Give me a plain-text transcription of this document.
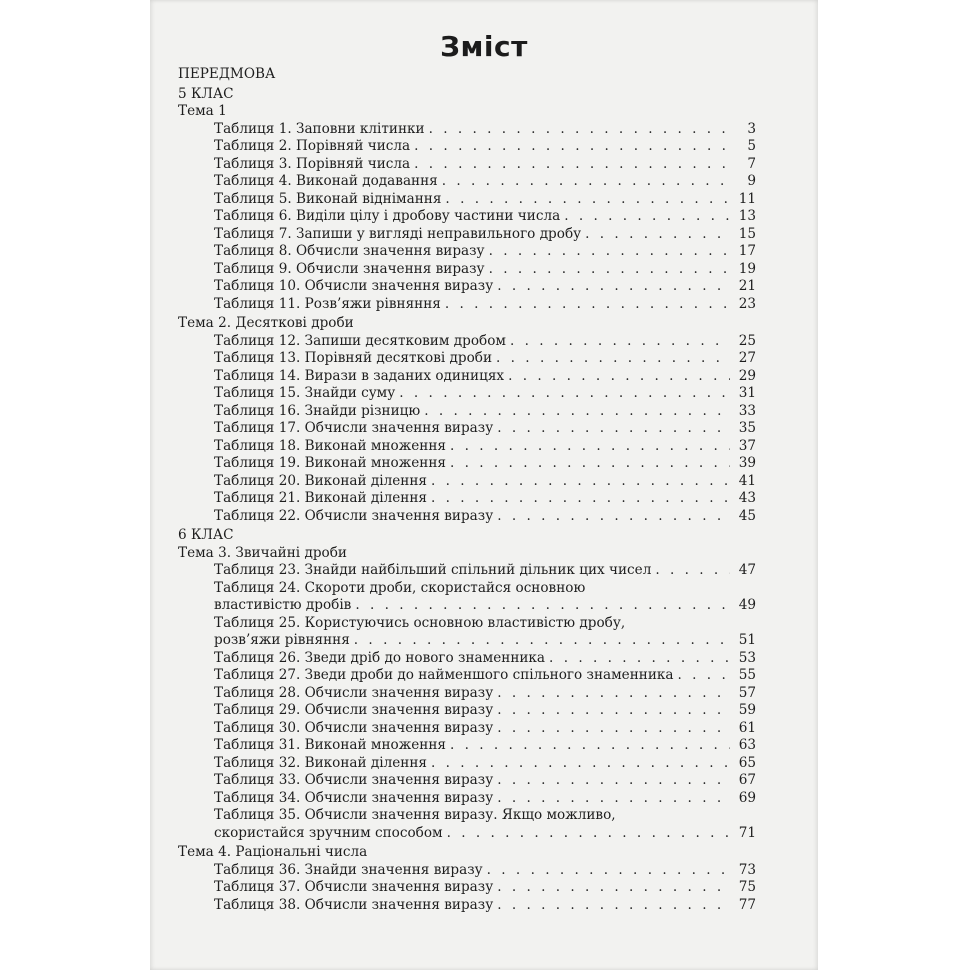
Зміст
ПЕРЕДМОВА
5 КЛАС
Тема 1
Таблиця 1. Заповни клітинки . . .	3
Таблиця 2. Порівняй числа . . .	5
Таблиця 3. Порівняй числа . . .	7
Таблиця 4. Виконай додавання . . .	9
Таблиця 5. Виконай віднімання . . .	11
Таблиця 6. Виділи цілу і дробову частини числа . . .	13
Таблиця 7. Запиши у вигляді неправильного дробу . . .	15
Таблиця 8. Обчисли значення виразу . . .	17
Таблиця 9. Обчисли значення виразу . . .	19
Таблиця 10. Обчисли значення виразу . . .	21
Таблиця 11. Розв’яжи рівняння . . .	23
Тема 2. Десяткові дроби
Таблиця 12. Запиши десятковим дробом . . .	25
Таблиця 13. Порівняй десяткові дроби . . .	27
Таблиця 14. Вирази в заданих одиницях . . .	29
Таблиця 15. Знайди суму . . .	31
Таблиця 16. Знайди різницю . . .	33
Таблиця 17. Обчисли значення виразу . . .	35
Таблиця 18. Виконай множення . . .	37
Таблиця 19. Виконай множення . . .	39
Таблиця 20. Виконай ділення . . .	41
Таблиця 21. Виконай ділення . . .	43
Таблиця 22. Обчисли значення виразу . . .	45
6 КЛАС
Тема 3. Звичайні дроби
Таблиця 23. Знайди найбільший спільний дільник цих чисел . . .	47
Таблиця 24. Скороти дроби, скористайся основною
властивістю дробів . . .	49
Таблиця 25. Користуючись основною властивістю дробу,
розв’яжи рівняння . . .	51
Таблиця 26. Зведи дріб до нового знаменника . . .	53
Таблиця 27. Зведи дроби до найменшого спільного знаменника . . .	55
Таблиця 28. Обчисли значення виразу . . .	57
Таблиця 29. Обчисли значення виразу . . .	59
Таблиця 30. Обчисли значення виразу . . .	61
Таблиця 31. Виконай множення . . .	63
Таблиця 32. Виконай ділення . . .	65
Таблиця 33. Обчисли значення виразу . . .	67
Таблиця 34. Обчисли значення виразу . . .	69
Таблиця 35. Обчисли значення виразу. Якщо можливо,
скористайся зручним способом . . .	71
Тема 4. Раціональні числа
Таблиця 36. Знайди значення виразу . . .	73
Таблиця 37. Обчисли значення виразу . . .	75
Таблиця 38. Обчисли значення виразу . . .	77
